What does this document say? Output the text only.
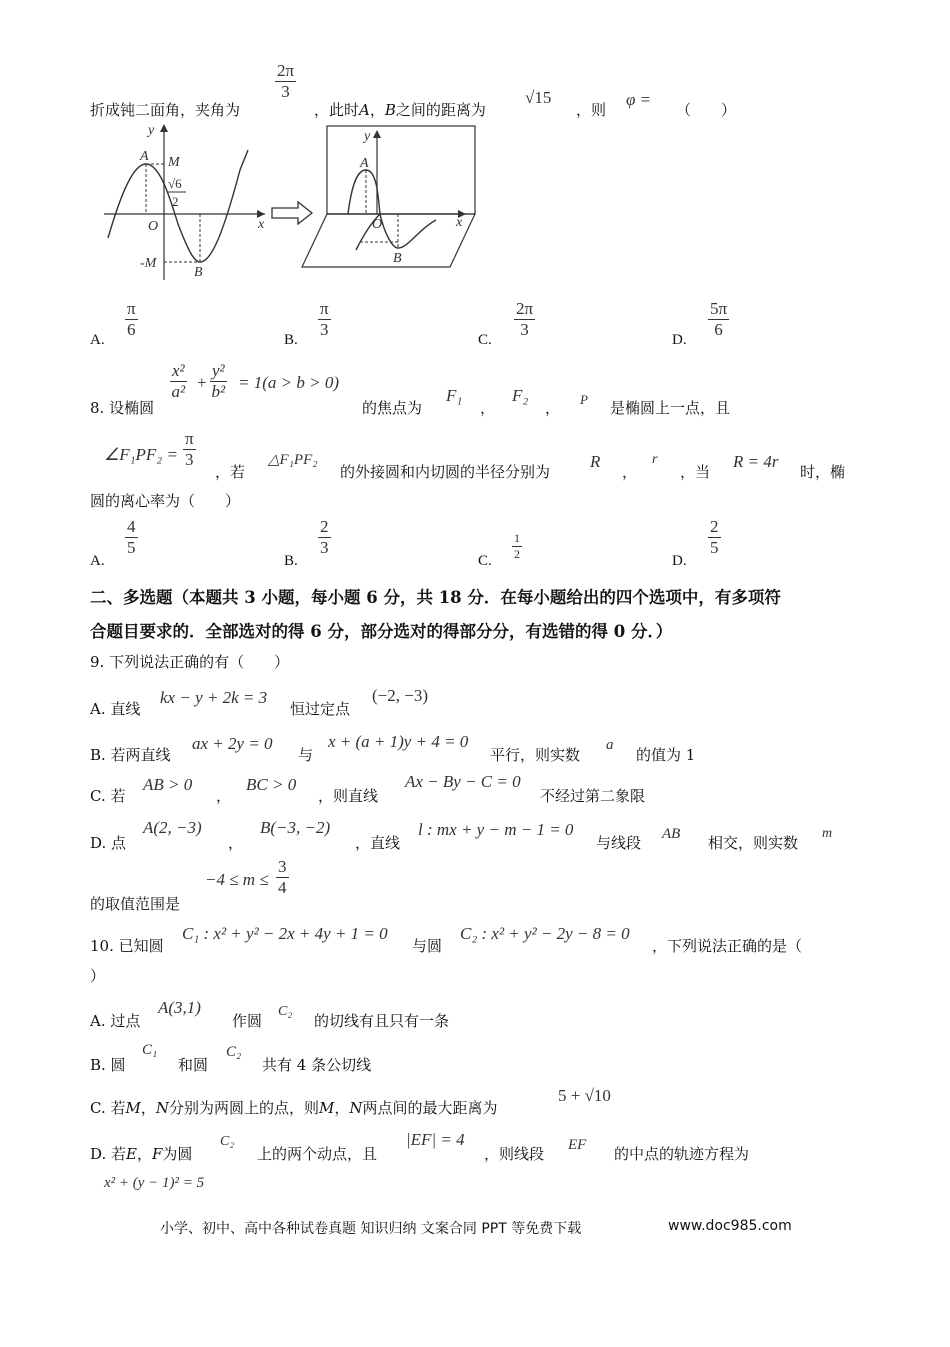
折成钝二面角，夹角为
$\frac{2\pi}{3}$
，此时A，B之间的距离为
√15
，则
φ =
（　　）
y
x
A M
√6
2
O
-M
B
y
x
A
O
B
A.
$\frac{\pi}{6}$
B.
$\frac{\pi}{3}$
C.
$\frac{2\pi}{3}$
D.
$\frac{5\pi}{6}$
8. 设椭圆
$\frac{\text{x²}}{\text{a²}} + \frac{\text{y²}}{\text{b²}} = 1(a > b > 0)$
的焦点为
F₁
，
F₂
， P 是椭圆上一点，且
∠F₁PF₂ = $\frac{\pi}{3}$
，若
△F₁PF₂
的外接圆和内切圆的半径分别为
R
，
r
，当
R = 4r
时，椭
圆的离心率为（　　）
A.
$\frac{4}{5}$
B.
$\frac{2}{3}$
C.
$\frac{1}{2}$
D.
$\frac{2}{5}$
二、多选题（本题共 3 小题，每小题 6 分，共 18 分．在每小题给出的四个选项中，有多项符
合题目要求的．全部选对的得 6 分，部分选对的得部分分，有选错的得 0 分．）
9. 下列说法正确的有（　　）
A. 直线
kx − y + 2k = 3
恒过定点
(−2, −3)
B. 若两直线
ax + 2y = 0
与
x + (a + 1)y + 4 = 0
平行，则实数
a
的值为 1
C. 若
AB > 0
，
BC > 0
，则直线
Ax − By − C = 0
不经过第二象限
D. 点
A(2, −3)
，
B(−3, −2)
，直线
l : mx + y − m − 1 = 0
与线段 AB 相交，则实数
m
$-4 \le m \le \frac{3}{4}$
的取值范围是
10. 已知圆
C₁ : x² + y² − 2x + 4y + 1 = 0
与圆
C₂ : x² + y² − 2y − 8 = 0
，下列说法正确的是（
）
A. 过点
A(3,1)
作圆
C₂
的切线有且只有一条
B. 圆
C₁
和圆
C₂
共有 4 条公切线
C. 若M，N分别为两圆上的点，则M，N两点间的最大距离为
5 + √10
D. 若E，F为圆
C₂
上的两个动点，且
|EF| = 4
，则线段 EF 的中点的轨迹方程为
x² + (y − 1)² = 5
小学、初中、高中各种试卷真题 知识归纳 文案合同 PPT 等免费下载	www.doc985.com
